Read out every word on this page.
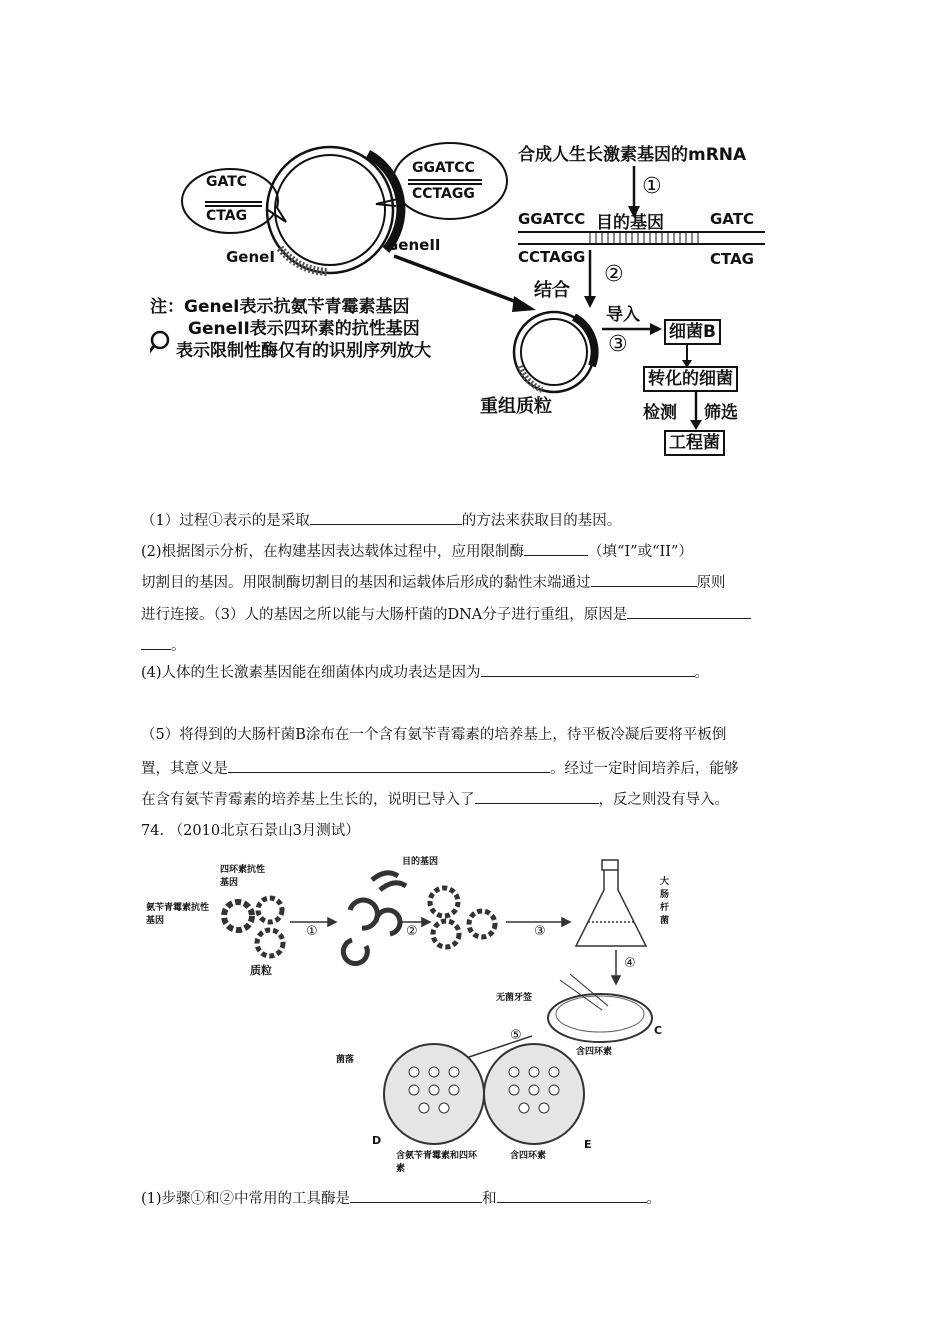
合成人生长激素基因的mRNA
①
GGATCC 目的基因	GATC
CCTAGG	CTAG
②
结合
GATC
CTAG
GGATCC
CCTAGG
GeneI
GeneII
导入
③ 细菌B
转化的细菌
检测 筛选
工程菌
重组质粒
注：GeneI表示抗氨苄青霉素基因
GeneII表示四环素的抗性基因
表示限制性酶仅有的识别序列放大
（1）过程①表示的是采取	的方法来获取目的基因。
(2)根据图示分析，在构建基因表达载体过程中，应用限制酶	（填“I”或“II”）
切割目的基因。用限制酶切割目的基因和运载体后形成的黏性末端通过	原则
进行连接。（3）人的基因之所以能与大肠杆菌的DNA分子进行重组，原因是
。
(4)人体的生长激素基因能在细菌体内成功表达是因为	。
（5）将得到的大肠杆菌B涂布在一个含有氨苄青霉素的培养基上，待平板冷凝后要将平板倒
置，其意义是	。经过一定时间培养后，能够
在含有氨苄青霉素的培养基上生长的，说明已导入了	，反之则没有导入。
74. （2010北京石景山3月测试）
四环素抗性基因
氨苄青霉素抗性基因
目的基因
质粒
大肠杆菌
无菌牙签
菌落
含四环素
含氨苄青霉素和四环素
含四环素
C
D	E
①	②	③
④
⑤
(1)步骤①和②中常用的工具酶是	和	。
